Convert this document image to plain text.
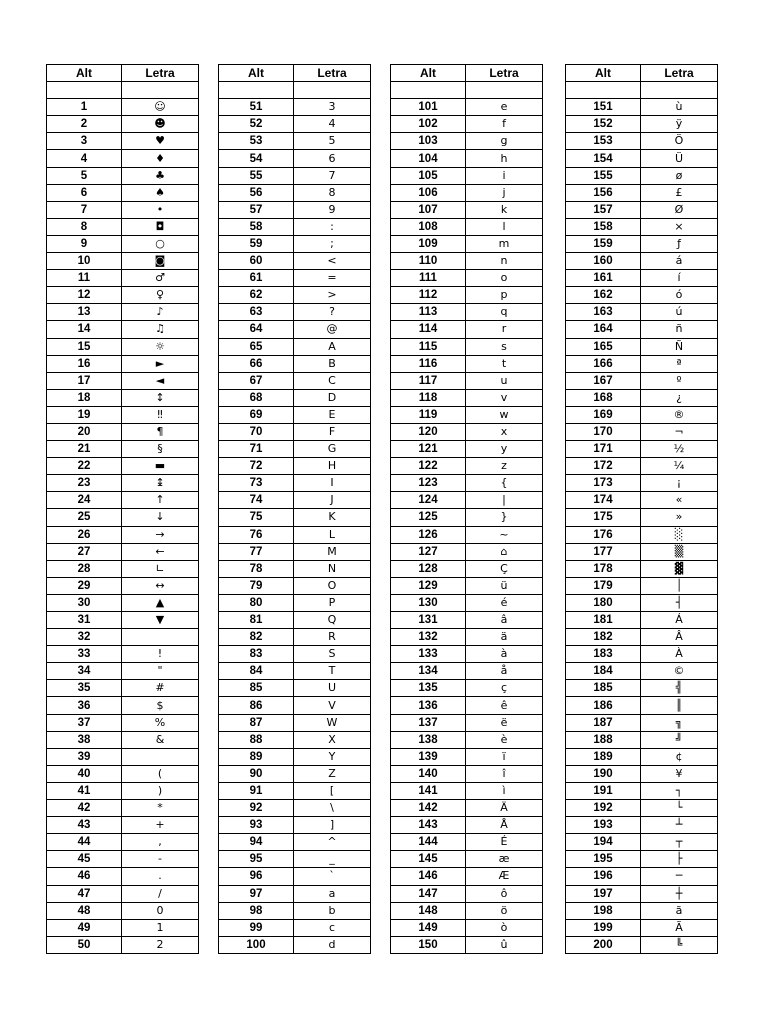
Alt	Letra

1	☺
2	☻
3	♥
4	♦
5	♣
6	♠
7	•
8	◘
9	○
10	◙
11	♂
12	♀
13	♪
14	♫
15	☼
16	►
17	◄
18	↕
19	‼
20	¶
21	§
22	▬
23	↨
24	↑
25	↓
26	→
27	←
28	∟
29	↔
30	▲
31	▼
32	
33	!
34	"
35	#
36	$
37	%
38	&
39	
40	(
41	)
42	*
43	+
44	,
45	-
46	.
47	/
48	0
49	1
50	2
Alt	Letra

51	3
52	4
53	5
54	6
55	7
56	8
57	9
58	:
59	;
60	<
61	=
62	>
63	?
64	@
65	A
66	B
67	C
68	D
69	E
70	F
71	G
72	H
73	I
74	J
75	K
76	L
77	M
78	N
79	O
80	P
81	Q
82	R
83	S
84	T
85	U
86	V
87	W
88	X
89	Y
90	Z
91	[
92	\
93	]
94	^
95	_
96	`
97	a
98	b
99	c
100	d
Alt	Letra

101	e
102	f
103	g
104	h
105	i
106	j
107	k
108	l
109	m
110	n
111	o
112	p
113	q
114	r
115	s
116	t
117	u
118	v
119	w
120	x
121	y
122	z
123	{
124	|
125	}
126	~
127	⌂
128	Ç
129	ü
130	é
131	â
132	ä
133	à
134	å
135	ç
136	ê
137	ë
138	è
139	ï
140	î
141	ì
142	Ä
143	Å
144	É
145	æ
146	Æ
147	ô
148	ö
149	ò
150	û
Alt	Letra

151	ù
152	ÿ
153	Ö
154	Ü
155	ø
156	£
157	Ø
158	×
159	ƒ
160	á
161	í
162	ó
163	ú
164	ñ
165	Ñ
166	ª
167	º
168	¿
169	®
170	¬
171	½
172	¼
173	¡
174	«
175	»
176	░
177	▒
178	▓
179	│
180	┤
181	Á
182	Â
183	À
184	©
185	╣
186	║
187	╗
188	╝
189	¢
190	¥
191	┐
192	└
193	┴
194	┬
195	├
196	─
197	┼
198	ã
199	Ã
200	╚
